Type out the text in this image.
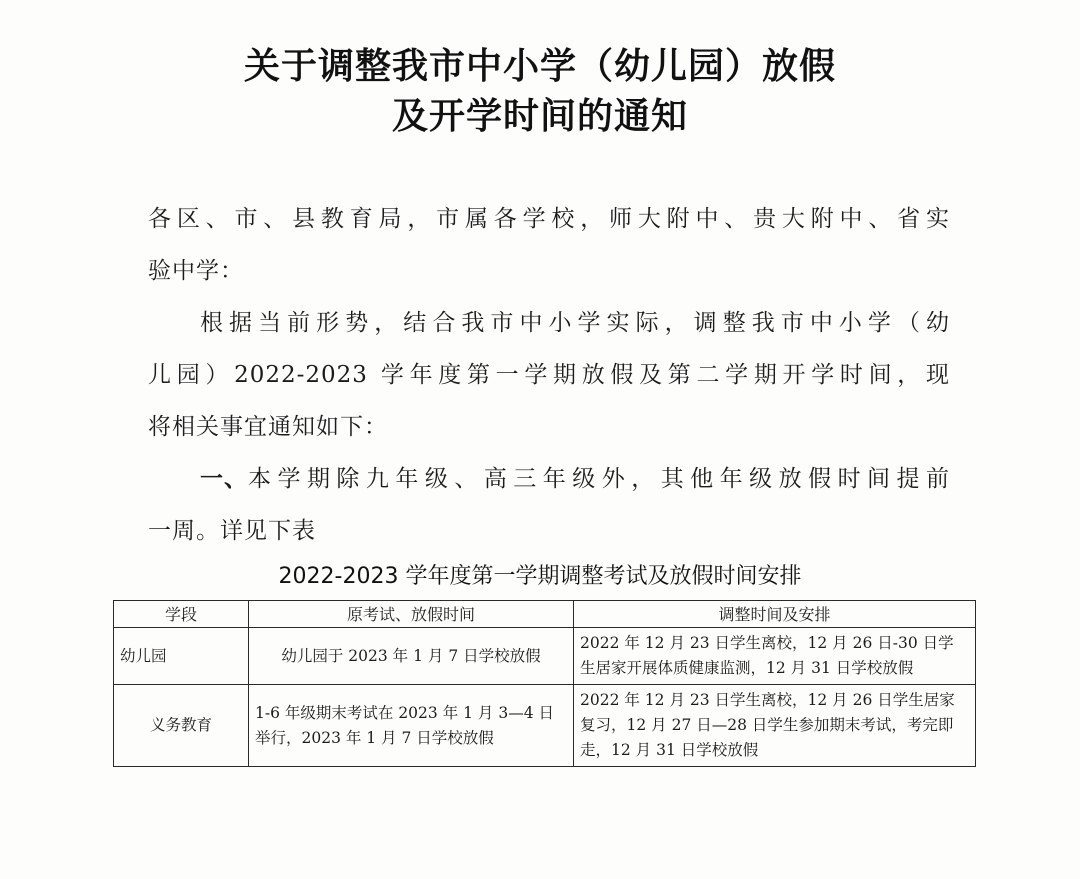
关于调整我市中小学（幼儿园）放假
及开学时间的通知
各区、市、县教育局，市属各学校，师大附中、贵大附中、省实
验中学：
根据当前形势，结合我市中小学实际，调整我市中小学（幼
儿园）2022-2023 学年度第一学期放假及第二学期开学时间，现
将相关事宜通知如下：
一、 本学期除九年级、高三年级外，其他年级放假时间提前
一周。详见下表
2022-2023 学年度第一学期调整考试及放假时间安排
学段	原考试、放假时间	调整时间及安排
幼儿园	幼儿园于 2023 年 1 月 7 日学校放假	2022 年 12 月 23 日学生离校，12 月 26 日-30 日学生居家开展体质健康监测，12 月 31 日学校放假
义务教育	1-6 年级期末考试在 2023 年 1 月 3—4 日举行，2023 年 1 月 7 日学校放假	2022 年 12 月 23 日学生离校，12 月 26 日学生居家复习，12 月 27 日—28 日学生参加期末考试，考完即走，12 月 31 日学校放假
